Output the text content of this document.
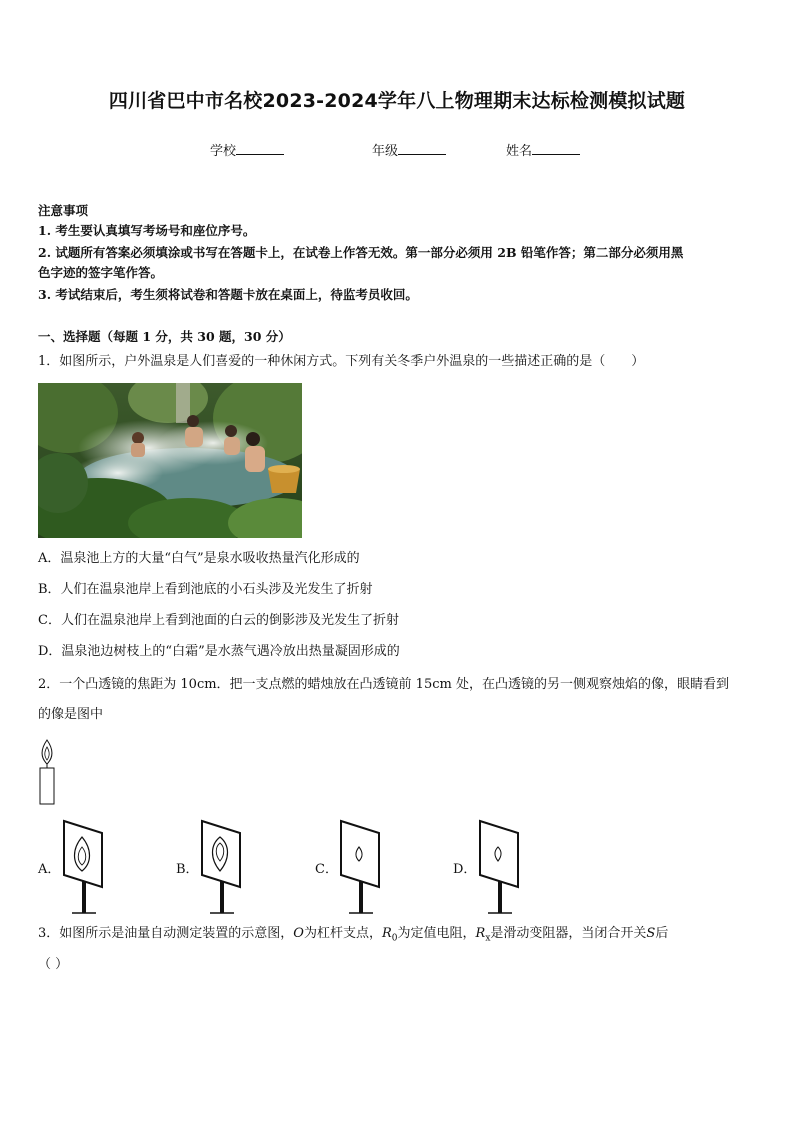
四川省巴中市名校2023-2024学年八上物理期末达标检测模拟试题
学校	年级	姓名
注意事项
1. 考生要认真填写考场号和座位序号。
2. 试题所有答案必须填涂或书写在答题卡上，在试卷上作答无效。第一部分必须用 2B 铅笔作答；第二部分必须用黑
色字迹的签字笔作答。
3. 考试结束后，考生须将试卷和答题卡放在桌面上，待监考员收回。
一、选择题（每题 1 分，共 30 题，30 分）
1．如图所示，户外温泉是人们喜爱的一种休闲方式。下列有关冬季户外温泉的一些描述正确的是（　　）
A．温泉池上方的大量“白气”是泉水吸收热量汽化形成的
B．人们在温泉池岸上看到池底的小石头涉及光发生了折射
C．人们在温泉池岸上看到池面的白云的倒影涉及光发生了折射
D．温泉池边树枝上的“白霜”是水蒸气遇冷放出热量凝固形成的
2．一个凸透镜的焦距为 10cm．把一支点燃的蜡烛放在凸透镜前 15cm 处，在凸透镜的另一侧观察烛焰的像，眼睛看到
的像是图中
A．	B．	C．	D．
3．如图所示是油量自动测定装置的示意图，O为杠杆支点，$R_0$为定值电阻，$R_x$是滑动变阻器，当闭合开关S后
（ ）
